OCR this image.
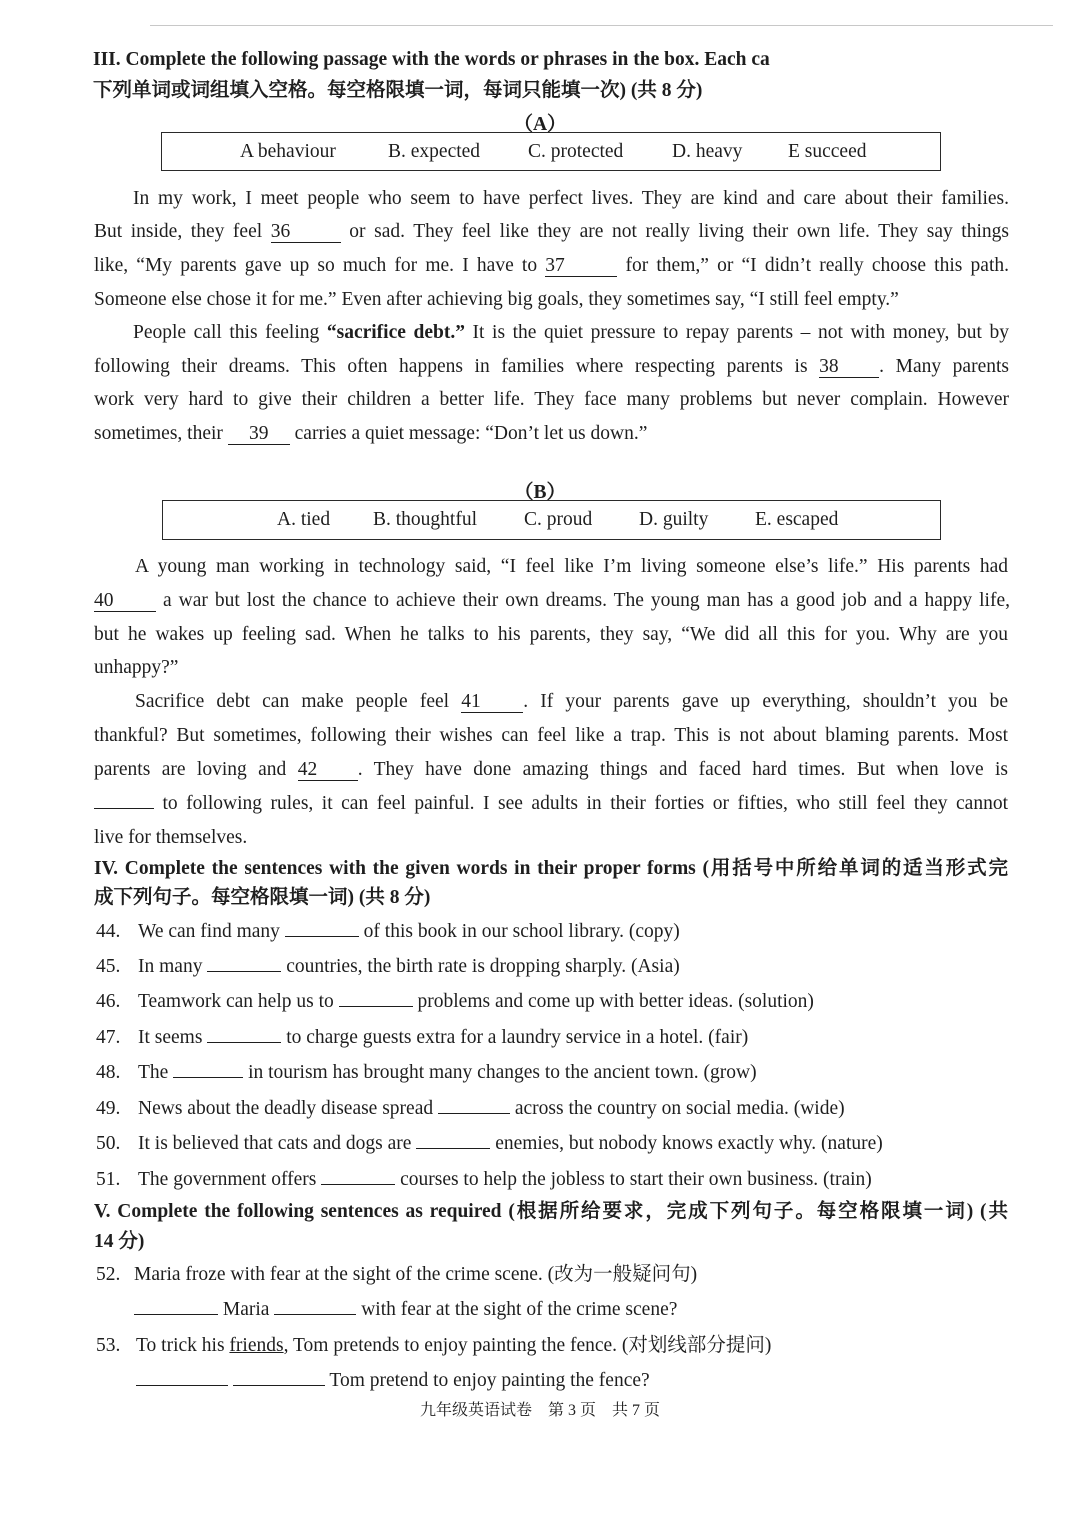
III. Complete the following passage with the words or phrases in the box. Each ca
下列单词或词组填入空格。每空格限填一词，每词只能填一次) (共 8 分)
（A）
A behaviour	B. expected C. protected D. heavy E succeed
In my work, I meet people who seem to have perfect lives. They are kind and care about their families.
But inside, they feel 36	or sad. They feel like they are not really living their own life. They say things
like, “My parents gave up so much for me. I have to 37	for them,” or “I didn’t really choose this path.
Someone else chose it for me.” Even after achieving big goals, they sometimes say, “I still feel empty.”
People call this feeling “sacrifice debt.” It is the quiet pressure to repay parents – not with money, but by
following their dreams. This often happens in families where respecting parents is 38 . Many parents
work very hard to give their children a better life. They face many problems but never complain. However
sometimes, their 39 carries a quiet message: “Don’t let us down.”
（B）
A. tied B. thoughtful C. proud D. guilty E. escaped
A young man working in technology said, “I feel like I’m living someone else’s life.” His parents had
40 a war but lost the chance to achieve their own dreams. The young man has a good job and a happy life,
but he wakes up feeling sad. When he talks to his parents, they say, “We did all this for you. Why are you
unhappy?”
Sacrifice debt can make people feel 41 . If your parents gave up everything, shouldn’t you be
thankful? But sometimes, following their wishes can feel like a trap. This is not about blaming parents. Most
parents are loving and 42 . They have done amazing things and faced hard times. But when love is
to following rules, it can feel painful. I see adults in their forties or fifties, who still feel they cannot
live for themselves.
IV. Complete the sentences with the given words in their proper forms (用括号中所给单词的适当形式完
成下列句子。每空格限填一词) (共 8 分)
44. We can find many	of this book in our school library. (copy)
45. In many	countries, the birth rate is dropping sharply. (Asia)
46. Teamwork can help us to	problems and come up with better ideas. (solution)
47. It seems	to charge guests extra for a laundry service in a hotel. (fair)
48. The	in tourism has brought many changes to the ancient town. (grow)
49. News about the deadly disease spread	across the country on social media. (wide)
50. It is believed that cats and dogs are	enemies, but nobody knows exactly why. (nature)
51. The government offers	courses to help the jobless to start their own business. (train)
V. Complete the following sentences as required (根据所给要求，完成下列句子。每空格限填一词) (共
14 分)
52. Maria froze with fear at the sight of the crime scene. (改为一般疑问句)
Maria	with fear at the sight of the crime scene?
53. To trick his friends, Tom pretends to enjoy painting the fence. (对划线部分提问)
Tom pretend to enjoy painting the fence?
九年级英语试卷　第 3 页　共 7 页
